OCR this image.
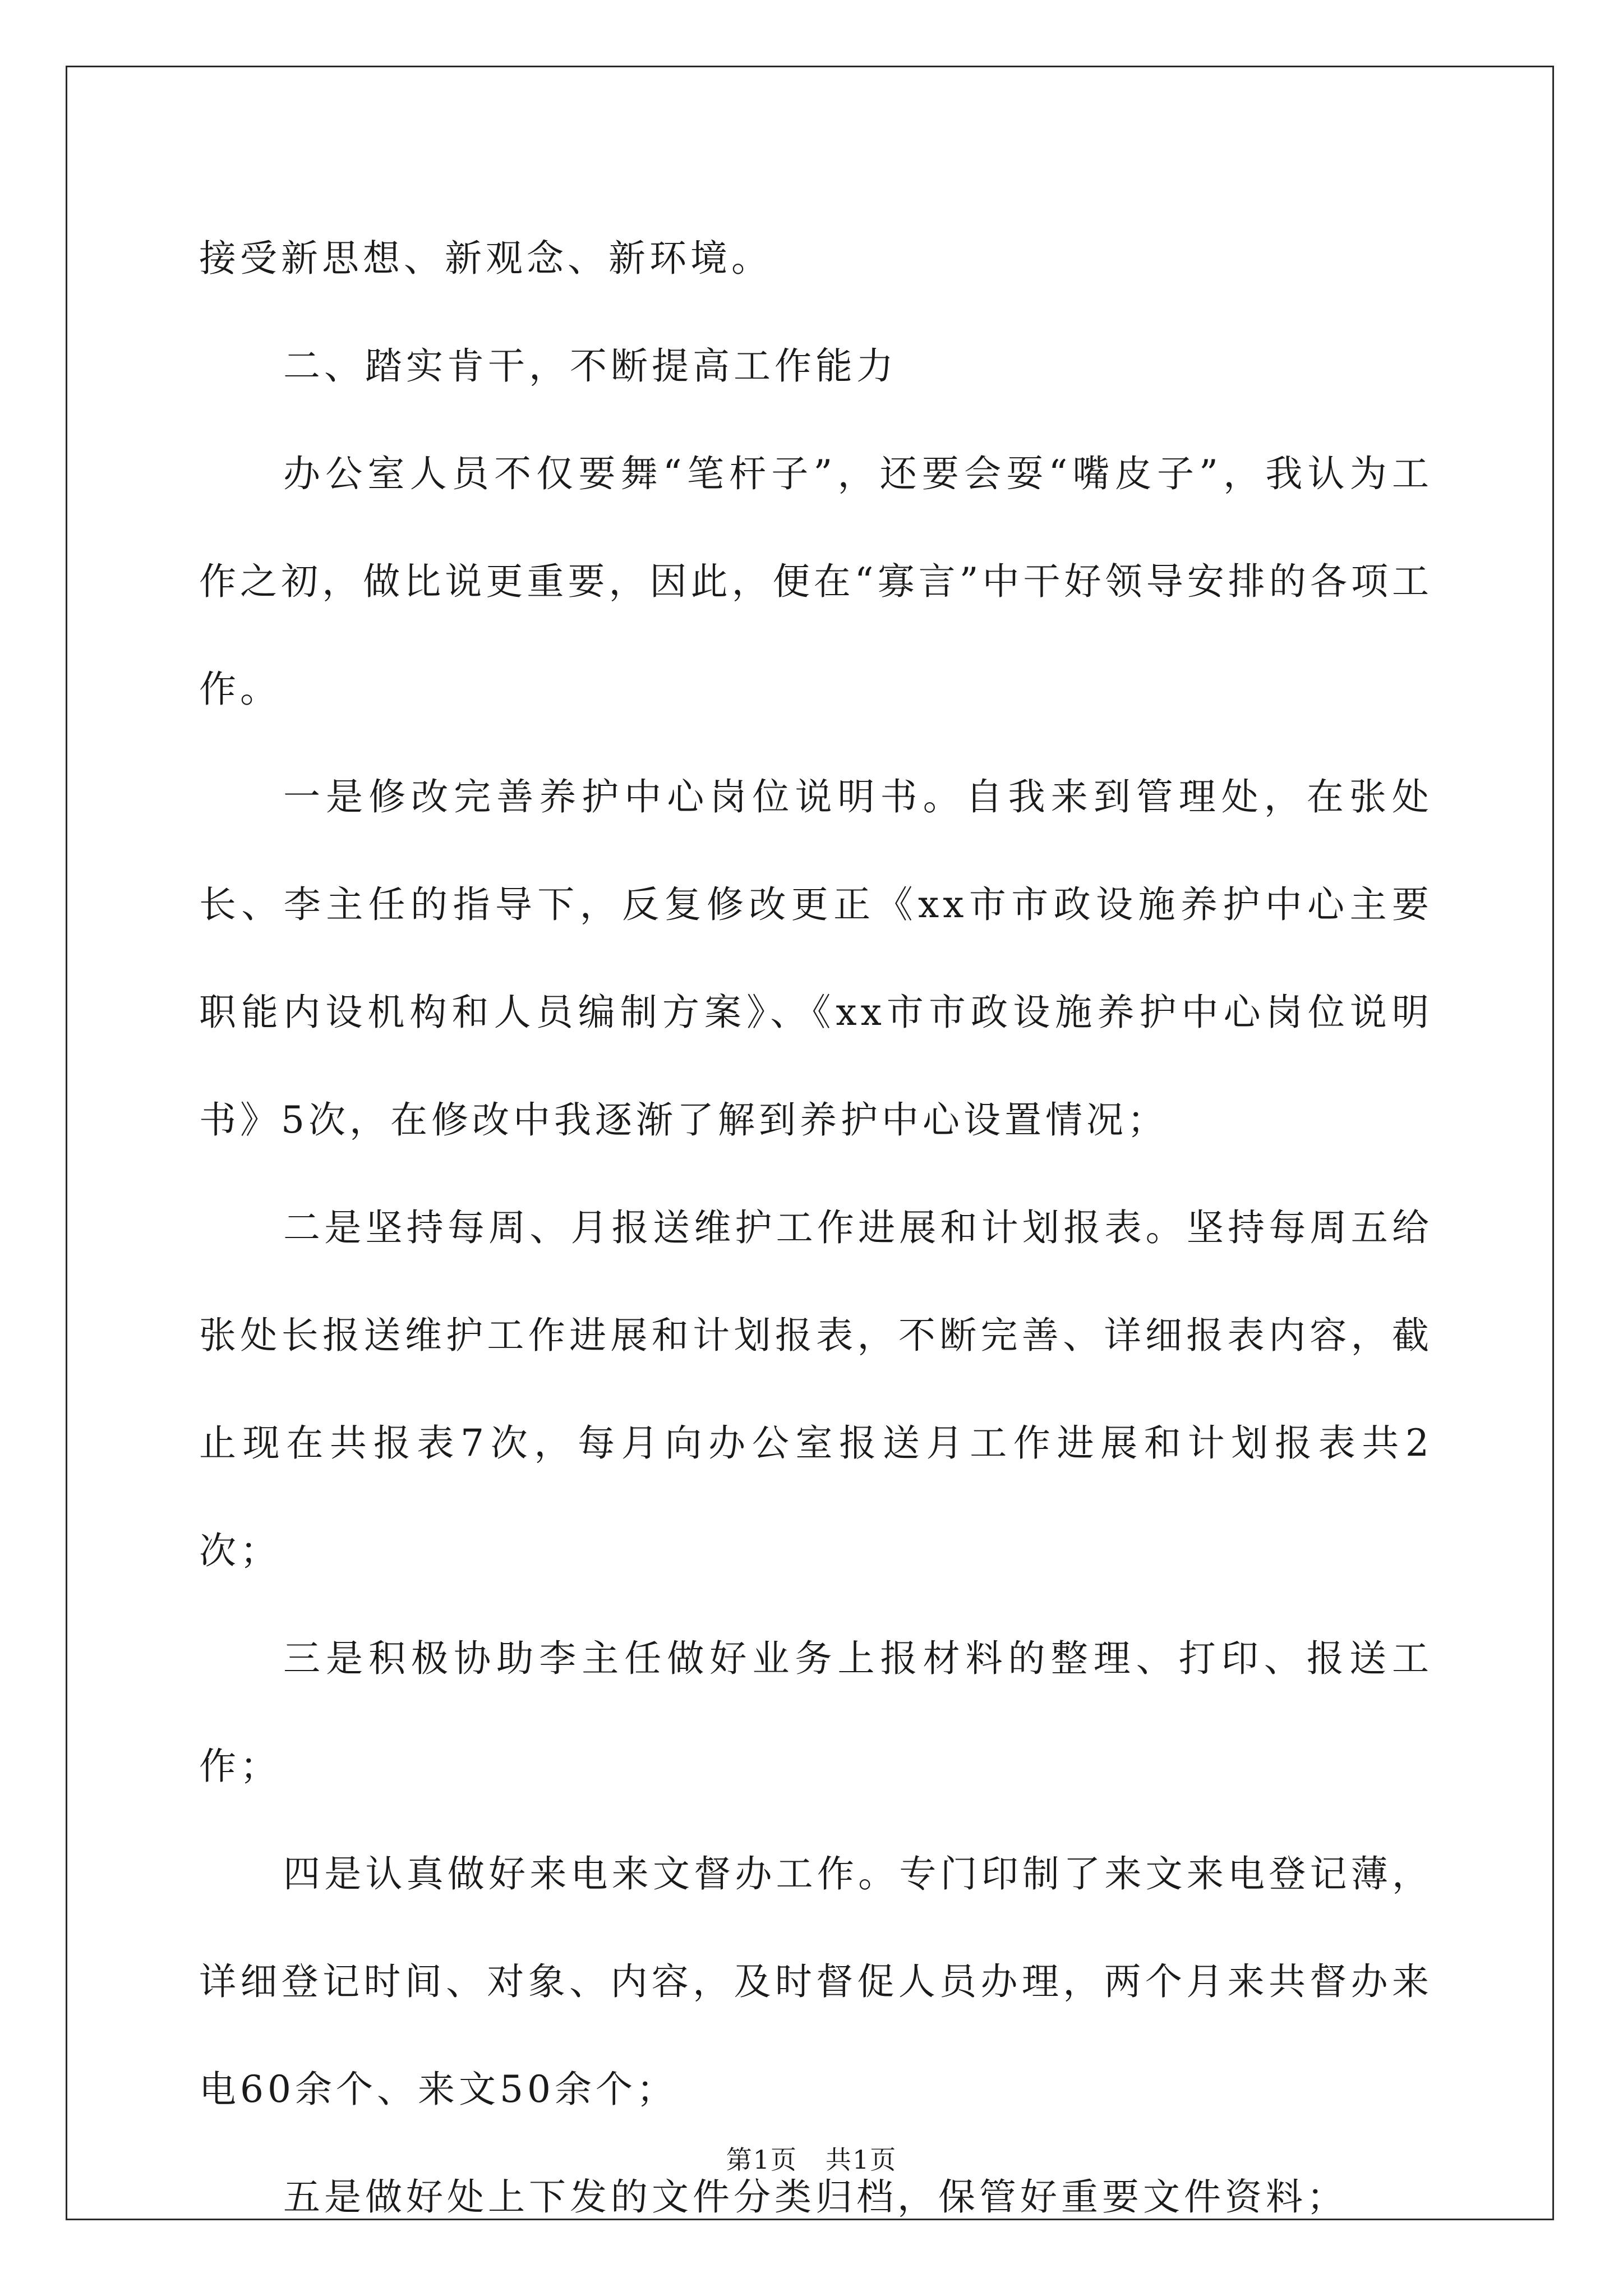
接受新思想、新观念、新环境。

二、踏实肯干，不断提高工作能力

办公室人员不仅要舞“笔杆子”，还要会耍“嘴皮子”，我认为工作之初，做比说更重要，因此，便在“寡言”中干好领导安排的各项工作。

一是修改完善养护中心岗位说明书。自我来到管理处，在张处长、李主任的指导下，反复修改更正《xx市市政设施养护中心主要职能内设机构和人员编制方案》、《xx市市政设施养护中心岗位说明书》5次，在修改中我逐渐了解到养护中心设置情况；

二是坚持每周、月报送维护工作进展和计划报表。坚持每周五给张处长报送维护工作进展和计划报表，不断完善、详细报表内容，截止现在共报表7次，每月向办公室报送月工作进展和计划报表共2次；

三是积极协助李主任做好业务上报材料的整理、打印、报送工作；

四是认真做好来电来文督办工作。专门印制了来文来电登记薄，详细登记时间、对象、内容，及时督促人员办理，两个月来共督办来电60余个、来文50余个；

五是做好处上下发的文件分类归档，保管好重要文件资料；

第1页 共1页
